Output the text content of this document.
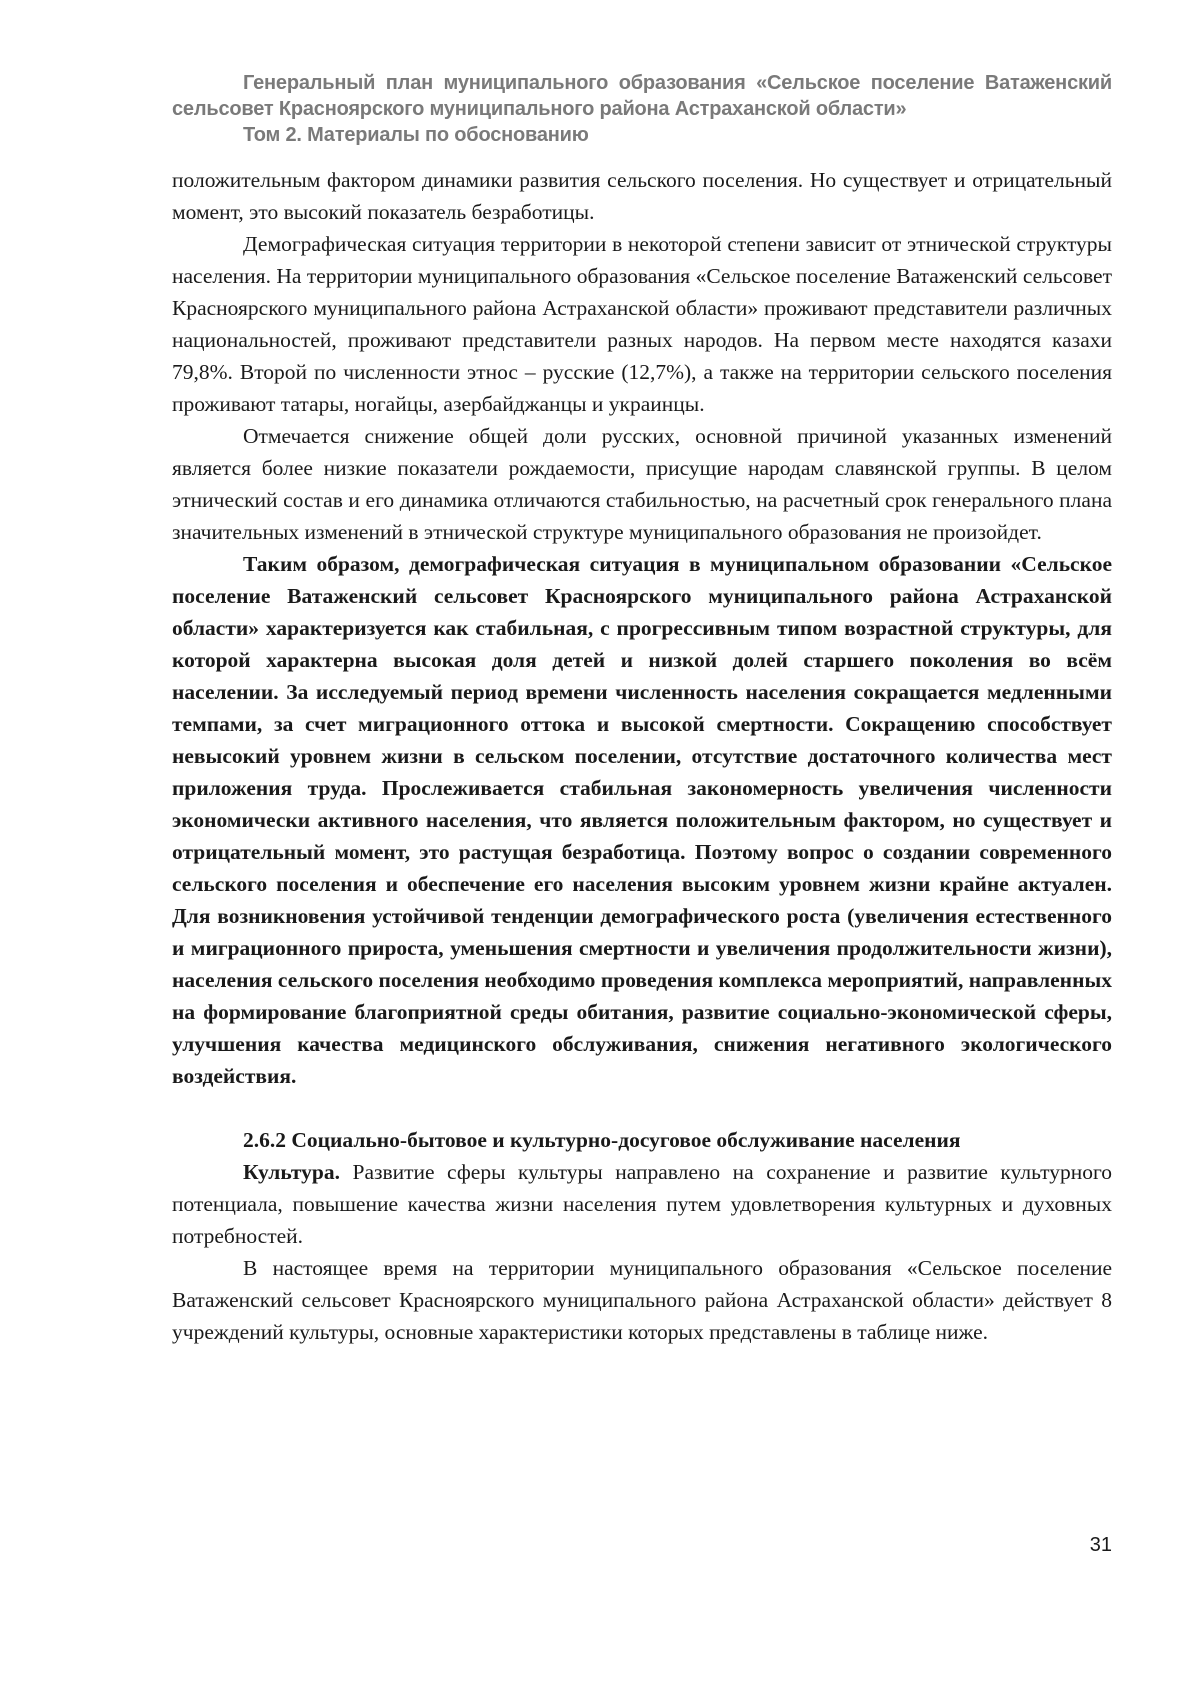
Генеральный план муниципального образования «Сельское поселение Ватаженский
сельсовет Красноярского муниципального района Астраханской области»
Том 2. Материалы по обоснованию

положительным фактором динамики развития сельского поселения. Но существует и отрицательный момент, это высокий показатель безработицы.

Демографическая ситуация территории в некоторой степени зависит от этнической структуры населения. На территории муниципального образования «Сельское поселение Ватаженский сельсовет Красноярского муниципального района Астраханской области» проживают представители различных национальностей, проживают представители разных народов. На первом месте находятся казахи 79,8%. Второй по численности этнос – русские (12,7%), а также на территории сельского поселения проживают татары, ногайцы, азербайджанцы и украинцы.

Отмечается снижение общей доли русских, основной причиной указанных изменений является более низкие показатели рождаемости, присущие народам славянской группы. В целом этнический состав и его динамика отличаются стабильностью, на расчетный срок генерального плана значительных изменений в этнической структуре муниципального образования не произойдет.

Таким образом, демографическая ситуация в муниципальном образовании «Сельское поселение Ватаженский сельсовет Красноярского муниципального района Астраханской области» характеризуется как стабильная, с прогрессивным типом возрастной структуры, для которой характерна высокая доля детей и низкой долей старшего поколения во всём населении. За исследуемый период времени численность населения сокращается медленными темпами, за счет миграционного оттока и высокой смертности. Сокращению способствует невысокий уровнем жизни в сельском поселении, отсутствие достаточного количества мест приложения труда. Прослеживается стабильная закономерность увеличения численности экономически активного населения, что является положительным фактором, но существует и отрицательный момент, это растущая безработица. Поэтому вопрос о создании современного сельского поселения и обеспечение его населения высоким уровнем жизни крайне актуален. Для возникновения устойчивой тенденции демографического роста (увеличения естественного и миграционного прироста, уменьшения смертности и увеличения продолжительности жизни), населения сельского поселения необходимо проведения комплекса мероприятий, направленных на формирование благоприятной среды обитания, развитие социально-экономической сферы, улучшения качества медицинского обслуживания, снижения негативного экологического воздействия.

2.6.2 Социально-бытовое и культурно-досуговое обслуживание населения

Культура. Развитие сферы культуры направлено на сохранение и развитие культурного потенциала, повышение качества жизни населения путем удовлетворения культурных и духовных потребностей.

В настоящее время на территории муниципального образования «Сельское поселение Ватаженский сельсовет Красноярского муниципального района Астраханской области» действует 8 учреждений культуры, основные характеристики которых представлены в таблице ниже.

31
